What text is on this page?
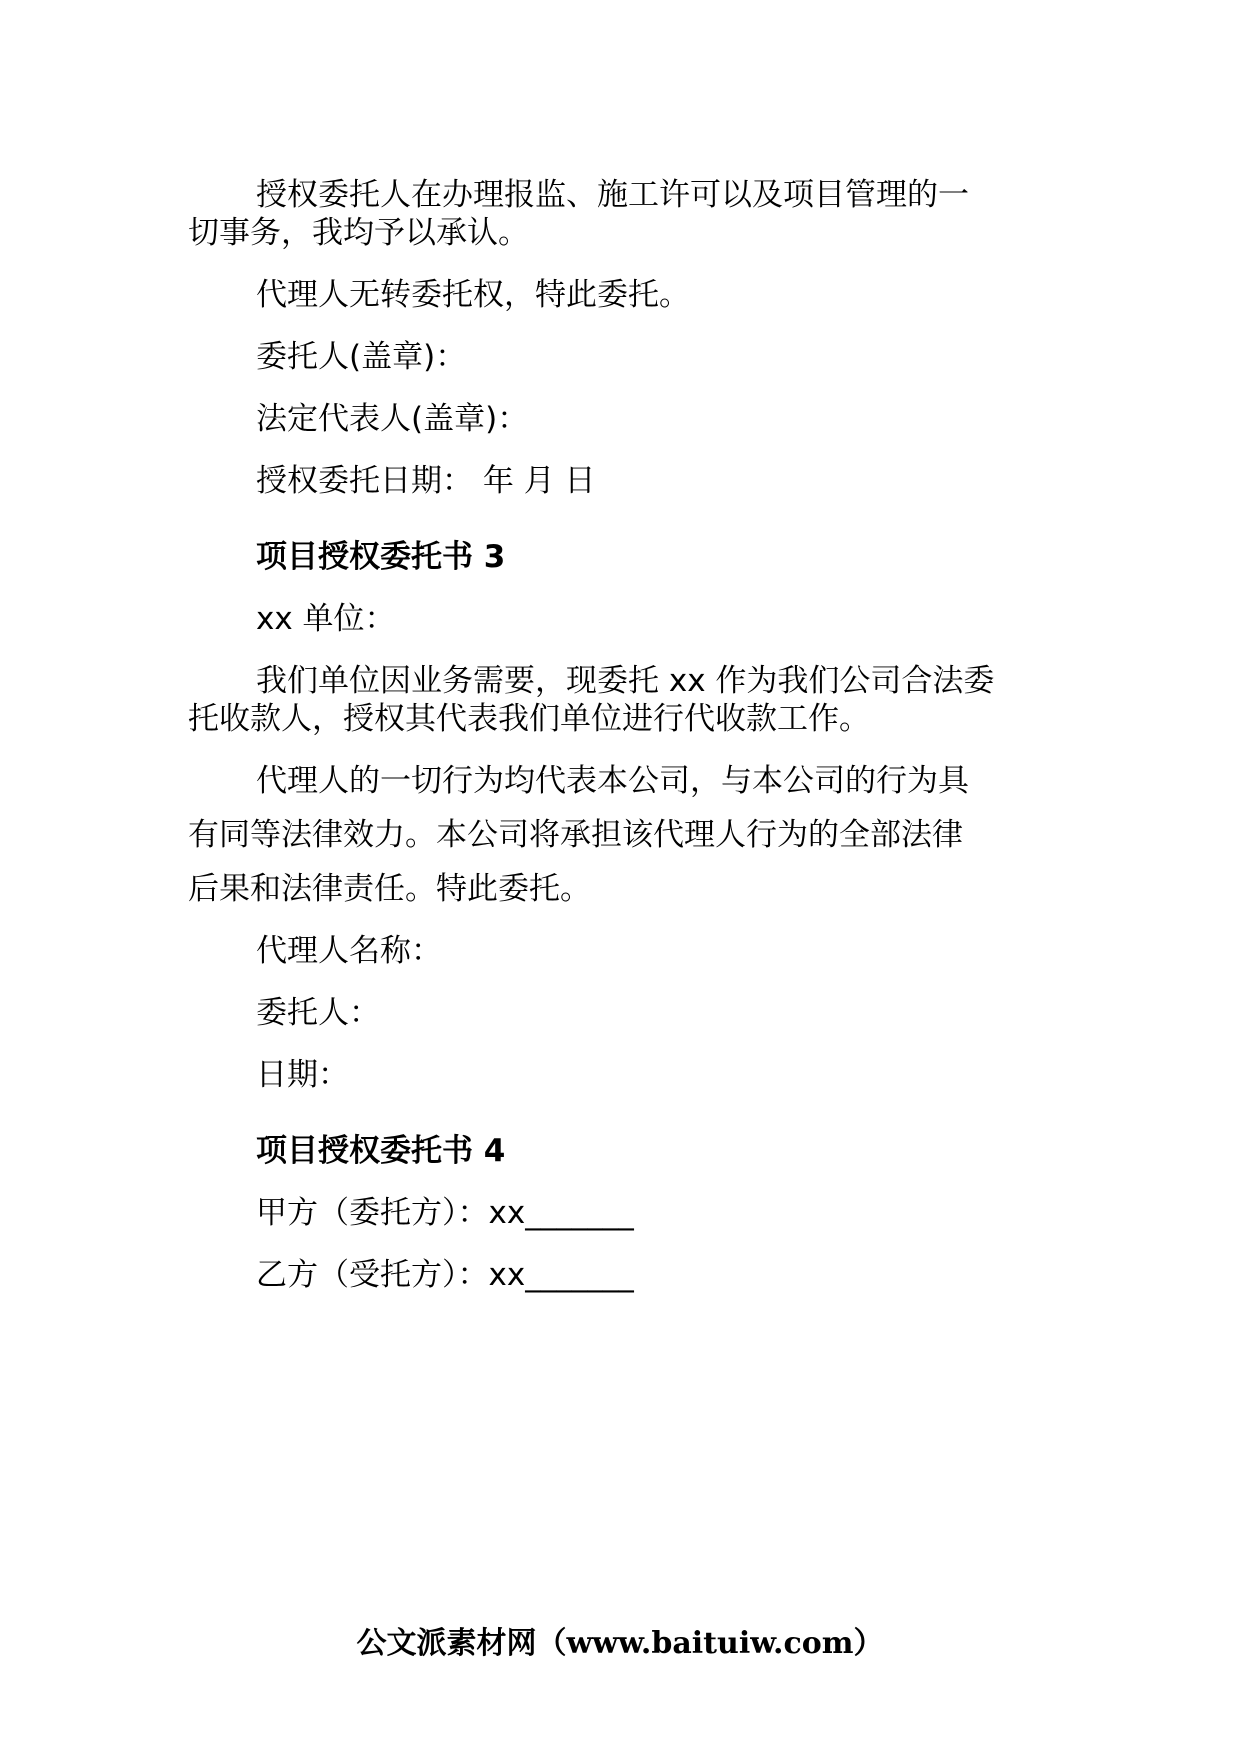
授权委托人在办理报监、施工许可以及项目管理的一
切事务，我均予以承认。
代理人无转委托权，特此委托。
委托人(盖章)：
法定代表人(盖章)：
授权委托日期： 年 月 日
项目授权委托书 3
xx 单位：
我们单位因业务需要，现委托 xx 作为我们公司合法委
托收款人，授权其代表我们单位进行代收款工作。
代理人的一切行为均代表本公司，与本公司的行为具
有同等法律效力。本公司将承担该代理人行为的全部法律
后果和法律责任。特此委托。
代理人名称：
委托人：
日期：
项目授权委托书 4
甲方（委托方）：xx_______
乙方（受托方）：xx_______
公文派素材网（www.baituiw.com）
